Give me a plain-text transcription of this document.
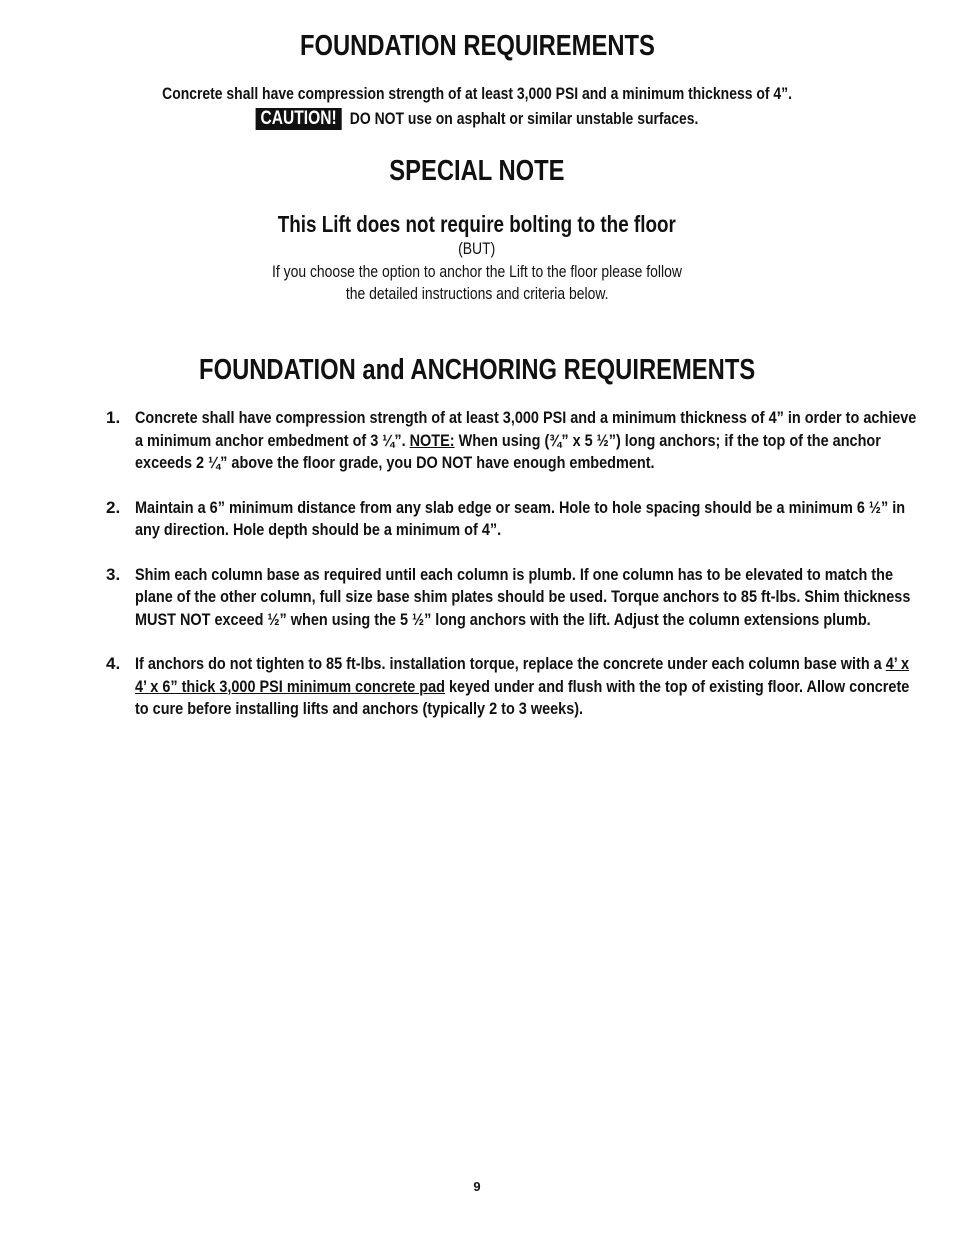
FOUNDATION REQUIREMENTS
Concrete shall have compression strength of at least 3,000 PSI and a minimum thickness of 4”.
CAUTION! DO NOT use on asphalt or similar unstable surfaces.
SPECIAL NOTE
This Lift does not require bolting to the floor
(BUT)
If you choose the option to anchor the Lift to the floor please follow
the detailed instructions and criteria below.
FOUNDATION and ANCHORING REQUIREMENTS
1. Concrete shall have compression strength of at least 3,000 PSI and a minimum thickness of 4” in order to achieve a minimum anchor embedment of 3 ¼”. NOTE: When using (¾” x 5 ½”) long anchors; if the top of the anchor exceeds 2 ¼” above the floor grade, you DO NOT have enough embedment.
2. Maintain a 6” minimum distance from any slab edge or seam. Hole to hole spacing should be a minimum 6 ½” in any direction. Hole depth should be a minimum of 4”.
3. Shim each column base as required until each column is plumb. If one column has to be elevated to match the plane of the other column, full size base shim plates should be used. Torque anchors to 85 ft-lbs. Shim thickness MUST NOT exceed ½” when using the 5 ½” long anchors with the lift. Adjust the column extensions plumb.
4. If anchors do not tighten to 85 ft-lbs. installation torque, replace the concrete under each column base with a 4’ x 4’ x 6” thick 3,000 PSI minimum concrete pad keyed under and flush with the top of existing floor. Allow concrete to cure before installing lifts and anchors (typically 2 to 3 weeks).
9
